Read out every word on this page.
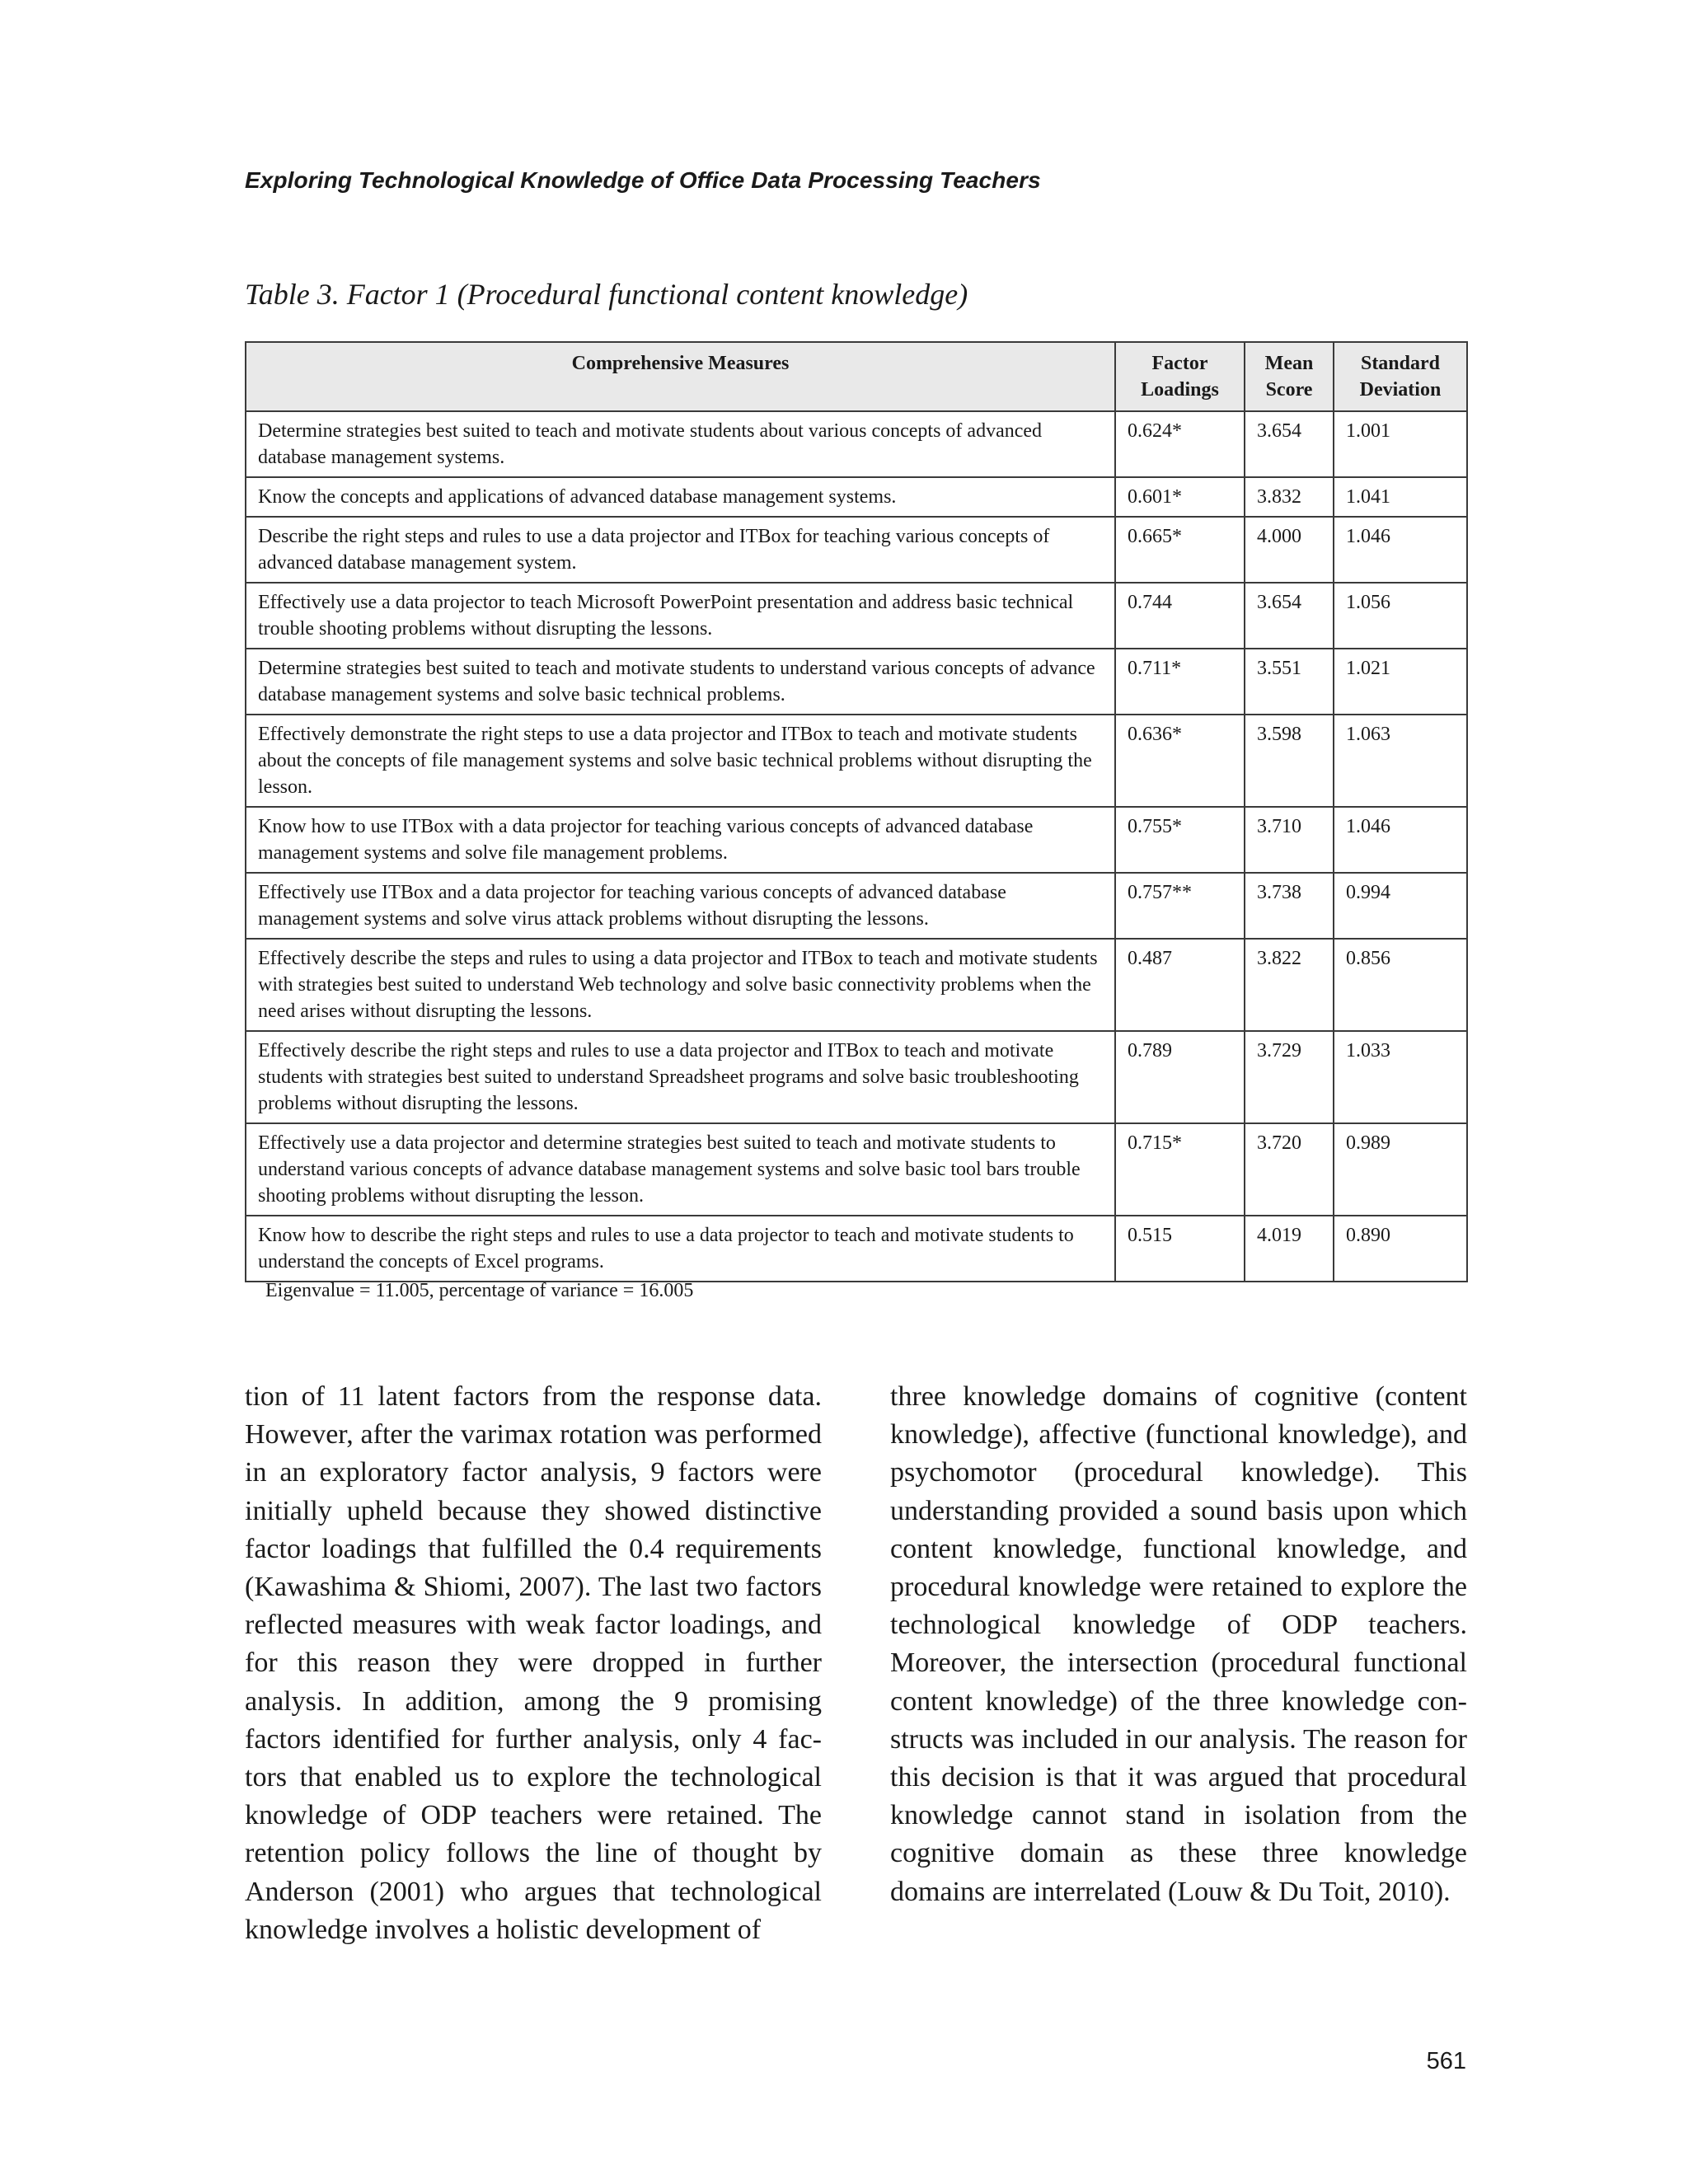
Exploring Technological Knowledge of Office Data Processing Teachers
Table 3. Factor 1 (Procedural functional content knowledge)
Comprehensive Measures	Factor Loadings	Mean Score	Standard Deviation
Determine strategies best suited to teach and motivate students about various concepts of advanced database management systems.	0.624*	3.654	1.001
Know the concepts and applications of advanced database management systems.	0.601*	3.832	1.041
Describe the right steps and rules to use a data projector and ITBox for teaching various concepts of advanced database management system.	0.665*	4.000	1.046
Effectively use a data projector to teach Microsoft PowerPoint presentation and address basic technical trouble shooting problems without disrupting the lessons.	0.744	3.654	1.056
Determine strategies best suited to teach and motivate students to understand various concepts of advance database management systems and solve basic technical problems.	0.711*	3.551	1.021
Effectively demonstrate the right steps to use a data projector and ITBox to teach and motivate students about the concepts of file management systems and solve basic technical problems without disrupting the lesson.	0.636*	3.598	1.063
Know how to use ITBox with a data projector for teaching various concepts of advanced database management systems and solve file management problems.	0.755*	3.710	1.046
Effectively use ITBox and a data projector for teaching various concepts of advanced database management systems and solve virus attack problems without disrupting the lessons.	0.757**	3.738	0.994
Effectively describe the steps and rules to using a data projector and ITBox to teach and motivate students with strategies best suited to understand Web technology and solve basic connectivity problems when the need arises without disrupting the lessons.	0.487	3.822	0.856
Effectively describe the right steps and rules to use a data projector and ITBox to teach and motivate students with strategies best suited to understand Spreadsheet programs and solve basic troubleshooting problems without disrupting the lessons.	0.789	3.729	1.033
Effectively use a data projector and determine strategies best suited to teach and motivate students to understand various concepts of advance database management systems and solve basic tool bars trouble shooting problems without disrupting the lesson.	0.715*	3.720	0.989
Know how to describe the right steps and rules to use a data projector to teach and motivate students to understand the concepts of Excel programs.	0.515	4.019	0.890
Eigenvalue = 11.005, percentage of variance = 16.005

tion of 11 latent factors from the response data. However, after the varimax rotation was performed in an exploratory factor analysis, 9 factors were initially upheld because they showed distinctive factor loadings that fulfilled the 0.4 requirements (Kawashima & Shiomi, 2007). The last two factors reflected measures with weak factor loadings, and for this reason they were dropped in further analysis. In addition, among the 9 promising factors identified for further analysis, only 4 factors that enabled us to explore the technological knowledge of ODP teachers were retained. The retention policy follows the line of thought by Anderson (2001) who argues that technological knowledge involves a holistic development of

three knowledge domains of cognitive (content knowledge), affective (functional knowledge), and psychomotor (procedural knowledge). This understanding provided a sound basis upon which content knowledge, functional knowledge, and procedural knowledge were retained to explore the technological knowledge of ODP teachers. Moreover, the intersection (procedural functional content knowledge) of the three knowledge constructs was included in our analysis. The reason for this decision is that it was argued that procedural knowledge cannot stand in isolation from the cognitive domain as these three knowledge domains are interrelated (Louw & Du Toit, 2010).

561
